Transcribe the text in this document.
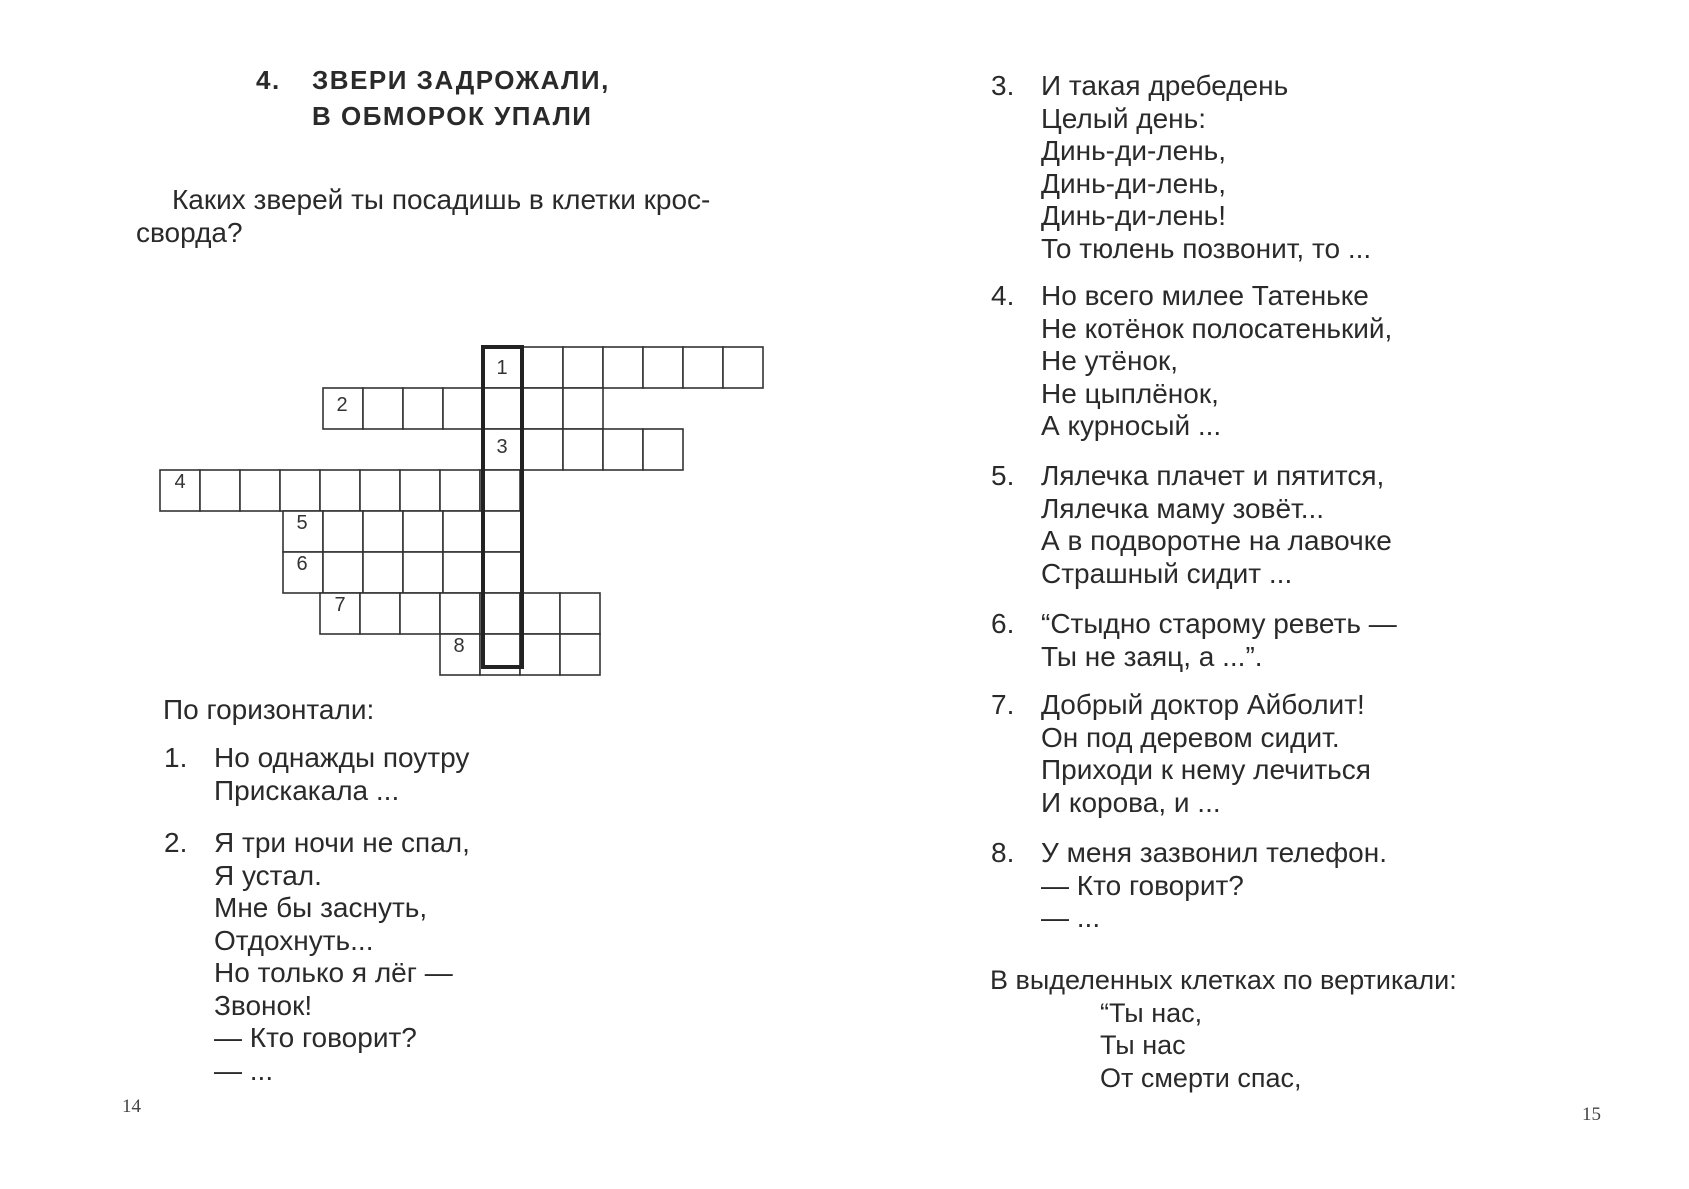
4. ЗВЕРИ ЗАДРОЖАЛИ,
В ОБМОРОК УПАЛИ
Каких зверей ты посадишь в клетки крос- сворда?
1
2
3
4
5
6
7
8
По горизонтали:
1. Но однажды поутру
Прискакала ...
2. Я три ночи не спал,
Я устал.
Мне бы заснуть,
Отдохнуть...
Но только я лёг —
Звонок!
— Кто говорит?
— ...
14
3. И такая дребедень
Целый день:
Динь-ди-лень,
Динь-ди-лень,
Динь-ди-лень!
То тюлень позвонит, то ...
4. Но всего милее Татеньке
Не котёнок полосатенький,
Не утёнок,
Не цыплёнок,
А курносый ...
5. Лялечка плачет и пятится,
Лялечка маму зовёт...
А в подворотне на лавочке
Страшный сидит ...
6. “Стыдно старому реветь —
Ты не заяц, а ...”.
7. Добрый доктор Айболит!
Он под деревом сидит.
Приходи к нему лечиться
И корова, и ...
8. У меня зазвонил телефон.
— Кто говорит?
— ...
В выделенных клетках по вертикали:
“Ты нас,
Ты нас
От смерти спас,
15
